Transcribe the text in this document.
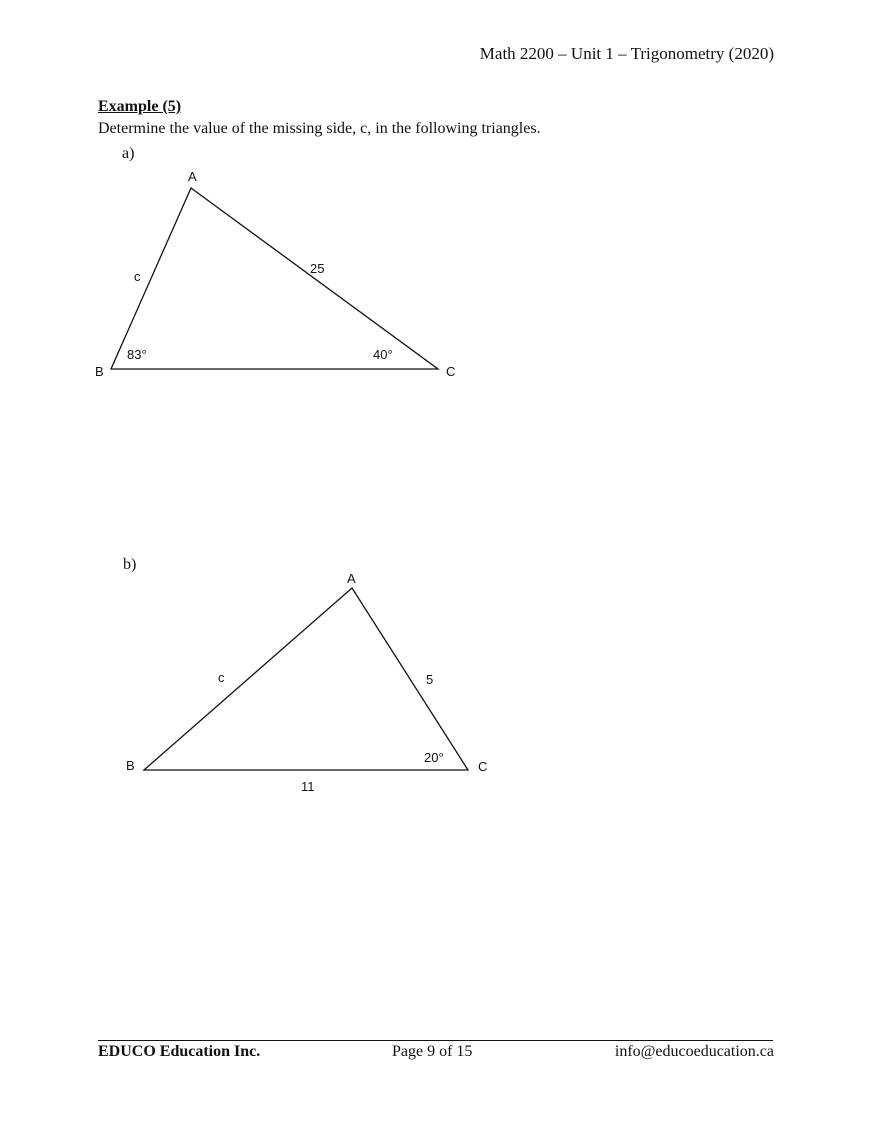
Math 2200 – Unit 1 – Trigonometry (2020)
Example (5)
Determine the value of the missing side, c, in the following triangles.
a)
A
B	C
c
25
83°	40°
b)
A
B	C
c	5
11
20°
EDUCO Education Inc.	Page 9 of 15	info@educoeducation.ca
